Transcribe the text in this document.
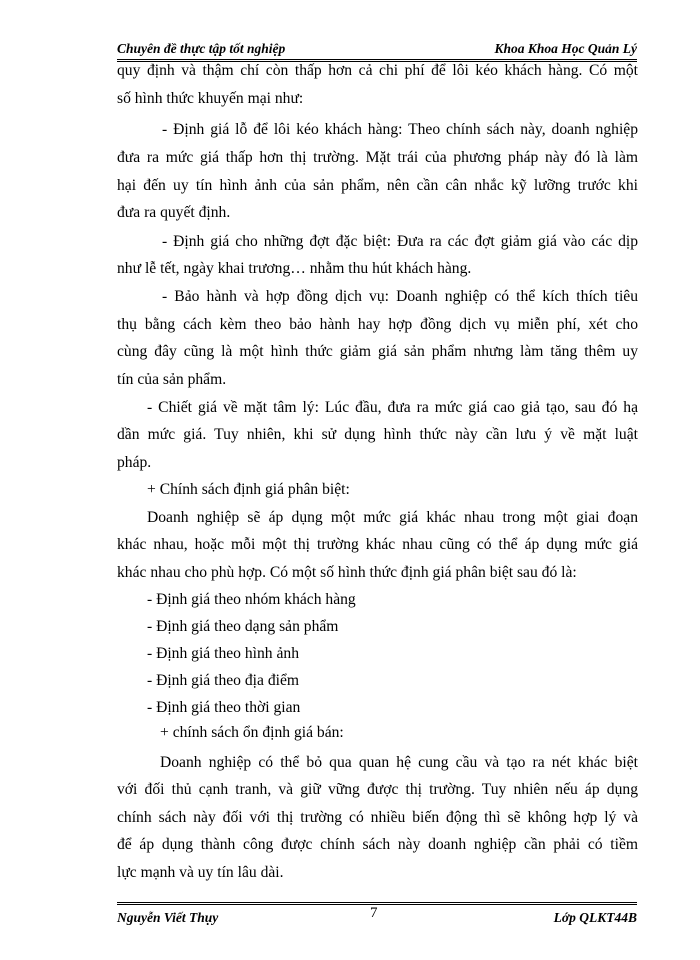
Chuyên đề thực tập tốt nghiệp	Khoa Khoa Học Quản Lý
quy định và thậm chí còn thấp hơn cả chi phí để lôi kéo khách hàng. Có một
số hình thức khuyến mại như:
- Định giá lỗ để lôi kéo khách hàng: Theo chính sách này, doanh nghiệp
đưa ra mức giá thấp hơn thị trường. Mặt trái của phương pháp này đó là làm
hại đến uy tín hình ảnh của sản phẩm, nên cần cân nhắc kỹ lưỡng trước khi
đưa ra quyết định.
- Định giá cho những đợt đặc biệt: Đưa ra các đợt giảm giá vào các dịp
như lễ tết, ngày khai trương… nhằm thu hút khách hàng.
- Bảo hành và hợp đồng dịch vụ: Doanh nghiệp có thể kích thích tiêu
thụ bằng cách kèm theo bảo hành hay hợp đồng dịch vụ miễn phí, xét cho
cùng đây cũng là một hình thức giảm giá sản phẩm nhưng làm tăng thêm uy
tín của sản phẩm.
- Chiết giá về mặt tâm lý: Lúc đầu, đưa ra mức giá cao giả tạo, sau đó hạ
dần mức giá. Tuy nhiên, khi sử dụng hình thức này cần lưu ý về mặt luật
pháp.
+ Chính sách định giá phân biệt:
Doanh nghiệp sẽ áp dụng một mức giá khác nhau trong một giai đoạn
khác nhau, hoặc mỗi một thị trường khác nhau cũng có thể áp dụng mức giá
khác nhau cho phù hợp. Có một số hình thức định giá phân biệt sau đó là:
- Định giá theo nhóm khách hàng
- Định giá theo dạng sản phẩm
- Định giá theo hình ảnh
- Định giá theo địa điểm
- Định giá theo thời gian
+ chính sách ổn định giá bán:
Doanh nghiệp có thể bỏ qua quan hệ cung cầu và tạo ra nét khác biệt
với đối thủ cạnh tranh, và giữ vững được thị trường. Tuy nhiên nếu áp dụng
chính sách này đối với thị trường có nhiều biến động thì sẽ không hợp lý và
để áp dụng thành công được chính sách này doanh nghiệp cần phải có tiềm
lực mạnh và uy tín lâu dài.
Nguyễn Viết Thụy	7	Lớp QLKT44B
